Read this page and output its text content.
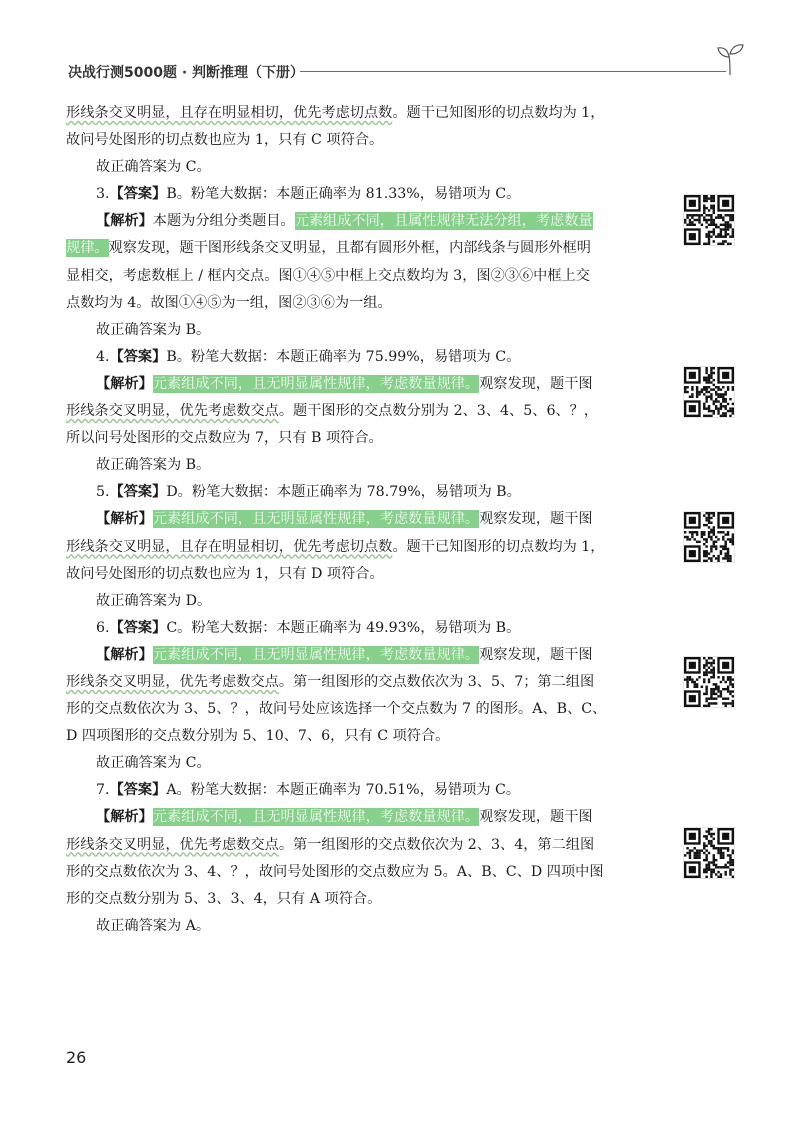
决战行测5000题 · 判断推理（下册）

形线条交叉明显，且存在明显相切，优先考虑切点数。题干已知图形的切点数均为 1，

故问号处图形的切点数也应为 1，只有 C 项符合。

故正确答案为 C。

3.【答案】B。粉笔大数据：本题正确率为 81.33%，易错项为 C。

【解析】本题为分组分类题目。元素组成不同，且属性规律无法分组，考虑数量

规律。观察发现，题干图形线条交叉明显，且都有圆形外框，内部线条与圆形外框明

显相交，考虑数框上 / 框内交点。图①④⑤中框上交点数均为 3，图②③⑥中框上交

点数均为 4。故图①④⑤为一组，图②③⑥为一组。

故正确答案为 B。

4.【答案】B。粉笔大数据：本题正确率为 75.99%，易错项为 C。

【解析】元素组成不同，且无明显属性规律，考虑数量规律。观察发现，题干图

形线条交叉明显，优先考虑数交点。题干图形的交点数分别为 2、3、4、5、6、？，

所以问号处图形的交点数应为 7，只有 B 项符合。

故正确答案为 B。

5.【答案】D。粉笔大数据：本题正确率为 78.79%，易错项为 B。

【解析】元素组成不同，且无明显属性规律，考虑数量规律。观察发现，题干图

形线条交叉明显，且存在明显相切，优先考虑切点数。题干已知图形的切点数均为 1，

故问号处图形的切点数也应为 1，只有 D 项符合。

故正确答案为 D。

6.【答案】C。粉笔大数据：本题正确率为 49.93%，易错项为 B。

【解析】元素组成不同，且无明显属性规律，考虑数量规律。观察发现，题干图

形线条交叉明显，优先考虑数交点。第一组图形的交点数依次为 3、5、7；第二组图

形的交点数依次为 3、5、？，故问号处应该选择一个交点数为 7 的图形。A、B、C、

D 四项图形的交点数分别为 5、10、7、6，只有 C 项符合。

故正确答案为 C。

7.【答案】A。粉笔大数据：本题正确率为 70.51%，易错项为 C。

【解析】元素组成不同，且无明显属性规律，考虑数量规律。观察发现，题干图

形线条交叉明显，优先考虑数交点。第一组图形的交点数依次为 2、3、4，第二组图

形的交点数依次为 3、4、？，故问号处图形的交点数应为 5。A、B、C、D 四项中图

形的交点数分别为 5、3、3、4，只有 A 项符合。

故正确答案为 A。

26
